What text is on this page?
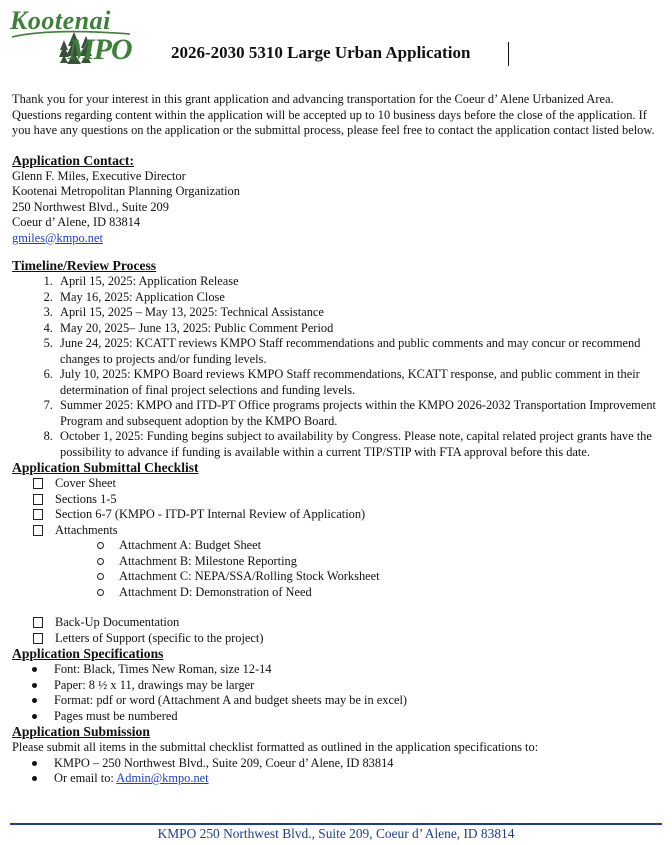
Kootenai
MPO 2026-2030 5310 Large Urban Application

Thank you for your interest in this grant application and advancing transportation for the Coeur d’ Alene Urbanized Area. Questions regarding content within the application will be accepted up to 10 business days before the close of the application. If you have any questions on the application or the submittal process, please feel free to contact the application contact listed below.

Application Contact:

Glenn F. Miles, Executive Director

Kootenai Metropolitan Planning Organization

250 Northwest Blvd., Suite 209

Coeur d’ Alene, ID 83814

gmiles@kmpo.net

Timeline/Review Process

1. April 15, 2025: Application Release
2. May 16, 2025: Application Close
3. April 15, 2025 – May 13, 2025: Technical Assistance
4. May 20, 2025– June 13, 2025: Public Comment Period
5. June 24, 2025: KCATT reviews KMPO Staff recommendations and public comments and may concur or recommend changes to projects and/or funding levels.
6. July 10, 2025: KMPO Board reviews KMPO Staff recommendations, KCATT response, and public comment in their determination of final project selections and funding levels.
7. Summer 2025: KMPO and ITD-PT Office programs projects within the KMPO 2026-2032 Transportation Improvement Program and subsequent adoption by the KMPO Board.
8. October 1, 2025: Funding begins subject to availability by Congress. Please note, capital related project grants have the possibility to advance if funding is available within a current TIP/STIP with FTA approval before this date.

Application Submittal Checklist

Cover Sheet
Sections 1-5
Section 6-7 (KMPO - ITD-PT Internal Review of Application)
Attachments
Attachment A: Budget Sheet
Attachment B: Milestone Reporting
Attachment C: NEPA/SSA/Rolling Stock Worksheet
Attachment D: Demonstration of Need
Back-Up Documentation
Letters of Support (specific to the project)

Application Specifications

Font: Black, Times New Roman, size 12-14
Paper: 8 ½ x 11, drawings may be larger
Format: pdf or word (Attachment A and budget sheets may be in excel)
Pages must be numbered

Application Submission

Please submit all items in the submittal checklist formatted as outlined in the application specifications to:

KMPO – 250 Northwest Blvd., Suite 209, Coeur d’ Alene, ID 83814
Or email to: Admin@kmpo.net
KMPO 250 Northwest Blvd., Suite 209, Coeur d’ Alene, ID 83814
